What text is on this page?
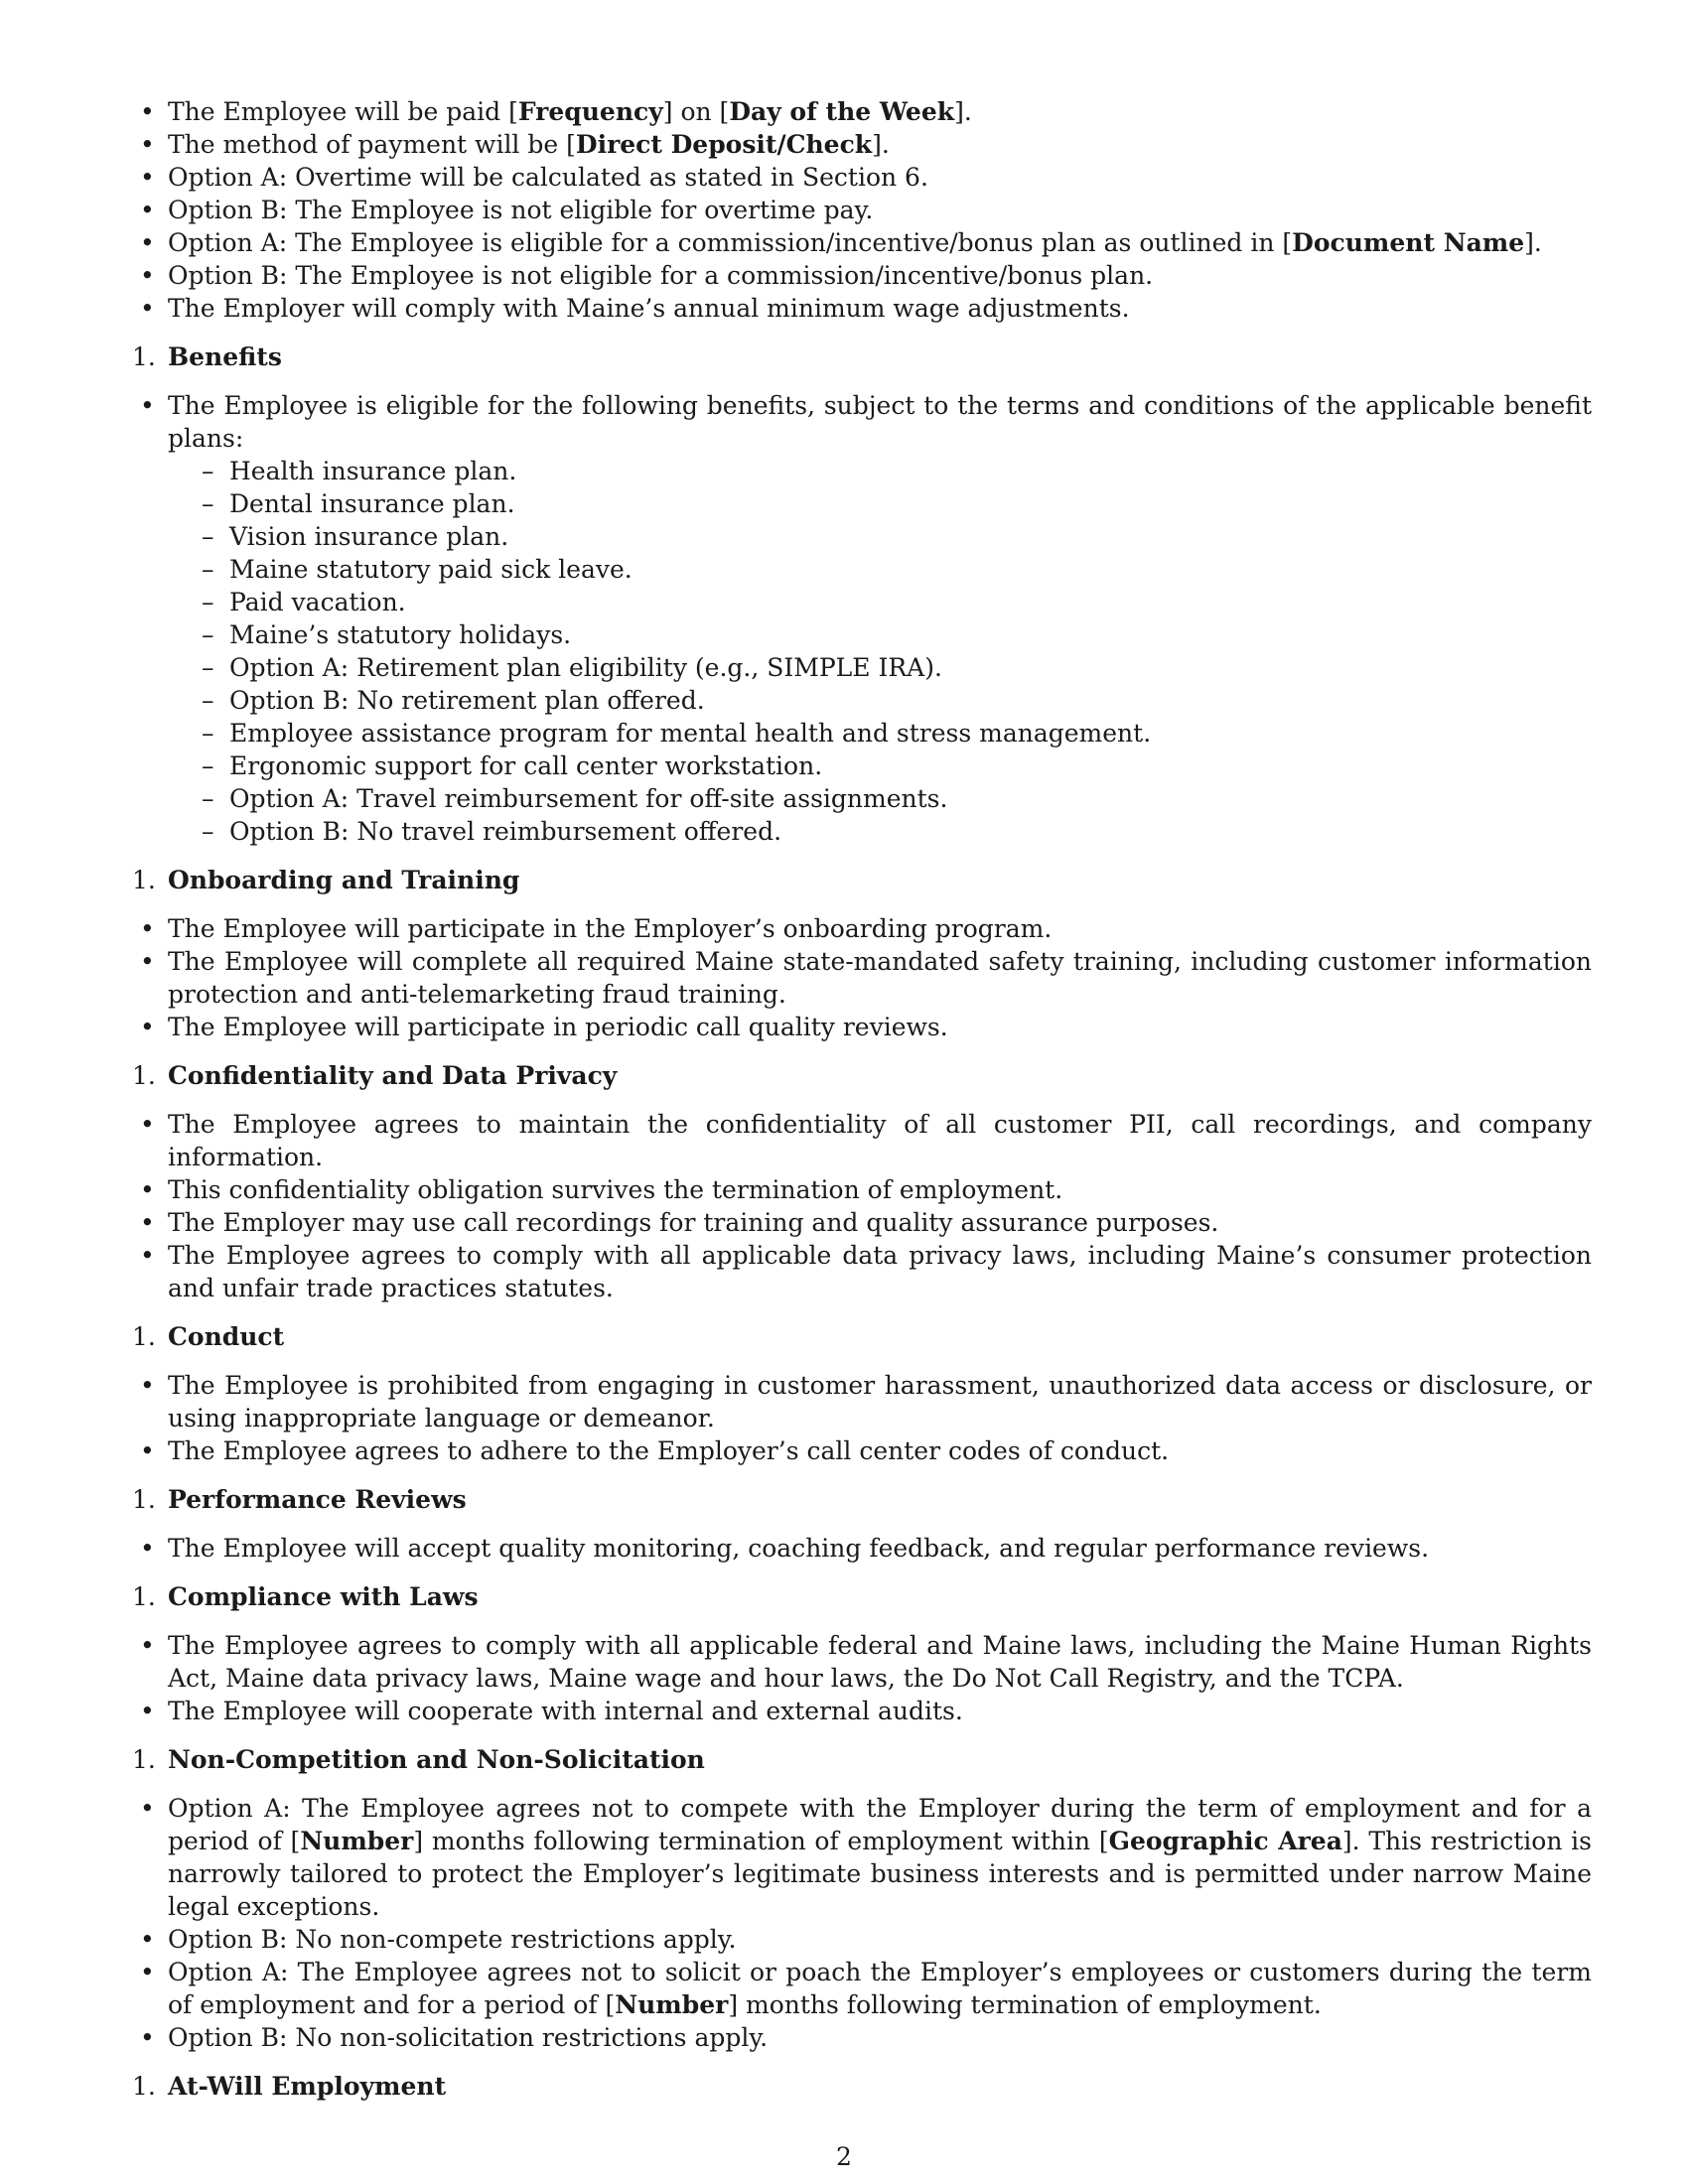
• The Employee will be paid [Frequency] on [Day of the Week].
• The method of payment will be [Direct Deposit/Check].
• Option A: Overtime will be calculated as stated in Section 6.
• Option B: The Employee is not eligible for overtime pay.
• Option A: The Employee is eligible for a commission/incentive/bonus plan as outlined in [Document Name].
• Option B: The Employee is not eligible for a commission/incentive/bonus plan.
• The Employer will comply with Maine’s annual minimum wage adjustments.
1. Benefits
• The Employee is eligible for the following benefits, subject to the terms and conditions of the applicable benefit plans:
– Health insurance plan.
– Dental insurance plan.
– Vision insurance plan.
– Maine statutory paid sick leave.
– Paid vacation.
– Maine’s statutory holidays.
– Option A: Retirement plan eligibility (e.g., SIMPLE IRA).
– Option B: No retirement plan offered.
– Employee assistance program for mental health and stress management.
– Ergonomic support for call center workstation.
– Option A: Travel reimbursement for off-site assignments.
– Option B: No travel reimbursement offered.
1. Onboarding and Training
• The Employee will participate in the Employer’s onboarding program.
• The Employee will complete all required Maine state-mandated safety training, including customer information protection and anti-telemarketing fraud training.
• The Employee will participate in periodic call quality reviews.
1. Confidentiality and Data Privacy
• The Employee agrees to maintain the confidentiality of all customer PII, call recordings, and company information.
• This confidentiality obligation survives the termination of employment.
• The Employer may use call recordings for training and quality assurance purposes.
• The Employee agrees to comply with all applicable data privacy laws, including Maine’s consumer protection and unfair trade practices statutes.
1. Conduct
• The Employee is prohibited from engaging in customer harassment, unauthorized data access or disclosure, or using inappropriate language or demeanor.
• The Employee agrees to adhere to the Employer’s call center codes of conduct.
1. Performance Reviews
• The Employee will accept quality monitoring, coaching feedback, and regular performance reviews.
1. Compliance with Laws
• The Employee agrees to comply with all applicable federal and Maine laws, including the Maine Human Rights Act, Maine data privacy laws, Maine wage and hour laws, the Do Not Call Registry, and the TCPA.
• The Employee will cooperate with internal and external audits.
1. Non-Competition and Non-Solicitation
• Option A: The Employee agrees not to compete with the Employer during the term of employment and for a period of [Number] months following termination of employment within [Geographic Area]. This restriction is narrowly tailored to protect the Employer’s legitimate business interests and is permitted under narrow Maine legal exceptions.
• Option B: No non-compete restrictions apply.
• Option A: The Employee agrees not to solicit or poach the Employer’s employees or customers during the term of employment and for a period of [Number] months following termination of employment.
• Option B: No non-solicitation restrictions apply.
1. At-Will Employment
2
